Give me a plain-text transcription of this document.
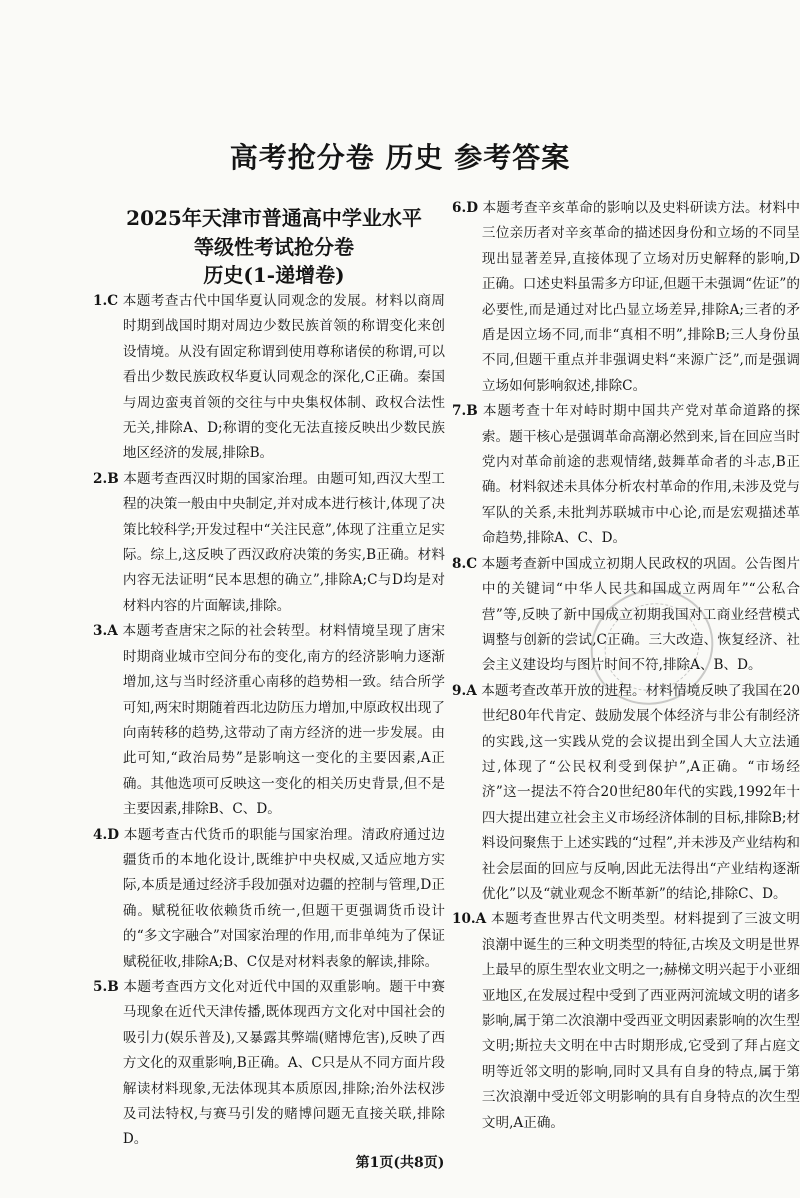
高考抢分卷 历史 参考答案

2025年天津市普通高中学业水平

等级性考试抢分卷

历史(1-递增卷)

1.C 本题考查古代中国华夏认同观念的发展。材料以商周时期到战国时期对周边少数民族首领的称谓变化来创设情境。从没有固定称谓到使用尊称诸侯的称谓,可以看出少数民族政权华夏认同观念的深化,C正确。秦国与周边蛮夷首领的交往与中央集权体制、政权合法性无关,排除A、D;称谓的变化无法直接反映出少数民族地区经济的发展,排除B。

2.B 本题考查西汉时期的国家治理。由题可知,西汉大型工程的决策一般由中央制定,并对成本进行核计,体现了决策比较科学;开发过程中“关注民意”,体现了注重立足实际。综上,这反映了西汉政府决策的务实,B正确。材料内容无法证明“民本思想的确立”,排除A;C与D均是对材料内容的片面解读,排除。

3.A 本题考查唐宋之际的社会转型。材料情境呈现了唐宋时期商业城市空间分布的变化,南方的经济影响力逐渐增加,这与当时经济重心南移的趋势相一致。结合所学可知,两宋时期随着西北边防压力增加,中原政权出现了向南转移的趋势,这带动了南方经济的进一步发展。由此可知,“政治局势”是影响这一变化的主要因素,A正确。其他选项可反映这一变化的相关历史背景,但不是主要因素,排除B、C、D。

4.D 本题考查古代货币的职能与国家治理。清政府通过边疆货币的本地化设计,既维护中央权威,又适应地方实际,本质是通过经济手段加强对边疆的控制与管理,D正确。赋税征收依赖货币统一,但题干更强调货币设计的“多文字融合”对国家治理的作用,而非单纯为了保证赋税征收,排除A;B、C仅是对材料表象的解读,排除。

5.B 本题考查西方文化对近代中国的双重影响。题干中赛马现象在近代天津传播,既体现西方文化对中国社会的吸引力(娱乐普及),又暴露其弊端(赌博危害),反映了西方文化的双重影响,B正确。A、C只是从不同方面片段解读材料现象,无法体现其本质原因,排除;治外法权涉及司法特权,与赛马引发的赌博问题无直接关联,排除D。

6.D 本题考查辛亥革命的影响以及史料研读方法。材料中三位亲历者对辛亥革命的描述因身份和立场的不同呈现出显著差异,直接体现了立场对历史解释的影响,D正确。口述史料虽需多方印证,但题干未强调“佐证”的必要性,而是通过对比凸显立场差异,排除A;三者的矛盾是因立场不同,而非“真相不明”,排除B;三人身份虽不同,但题干重点并非强调史料“来源广泛”,而是强调立场如何影响叙述,排除C。

7.B 本题考查十年对峙时期中国共产党对革命道路的探索。题干核心是强调革命高潮必然到来,旨在回应当时党内对革命前途的悲观情绪,鼓舞革命者的斗志,B正确。材料叙述未具体分析农村革命的作用,未涉及党与军队的关系,未批判苏联城市中心论,而是宏观描述革命趋势,排除A、C、D。

8.C 本题考查新中国成立初期人民政权的巩固。公告图片中的关键词“中华人民共和国成立两周年”“公私合营”等,反映了新中国成立初期我国对工商业经营模式调整与创新的尝试,C正确。三大改造、恢复经济、社会主义建设均与图片时间不符,排除A、B、D。

9.A 本题考查改革开放的进程。材料情境反映了我国在20世纪80年代肯定、鼓励发展个体经济与非公有制经济的实践,这一实践从党的会议提出到全国人大立法通过,体现了“公民权利受到保护”,A正确。“市场经济”这一提法不符合20世纪80年代的实践,1992年十四大提出建立社会主义市场经济体制的目标,排除B;材料设问聚焦于上述实践的“过程”,并未涉及产业结构和社会层面的回应与反响,因此无法得出“产业结构逐渐优化”以及“就业观念不断革新”的结论,排除C、D。

10.A 本题考查世界古代文明类型。材料提到了三波文明浪潮中诞生的三种文明类型的特征,古埃及文明是世界上最早的原生型农业文明之一;赫梯文明兴起于小亚细亚地区,在发展过程中受到了西亚两河流域文明的诸多影响,属于第二次浪潮中受西亚文明因素影响的次生型文明;斯拉夫文明在中古时期形成,它受到了拜占庭文明等近邻文明的影响,同时又具有自身的特点,属于第三次浪潮中受近邻文明影响的具有自身特点的次生型文明,A正确。

第1页(共8页)
